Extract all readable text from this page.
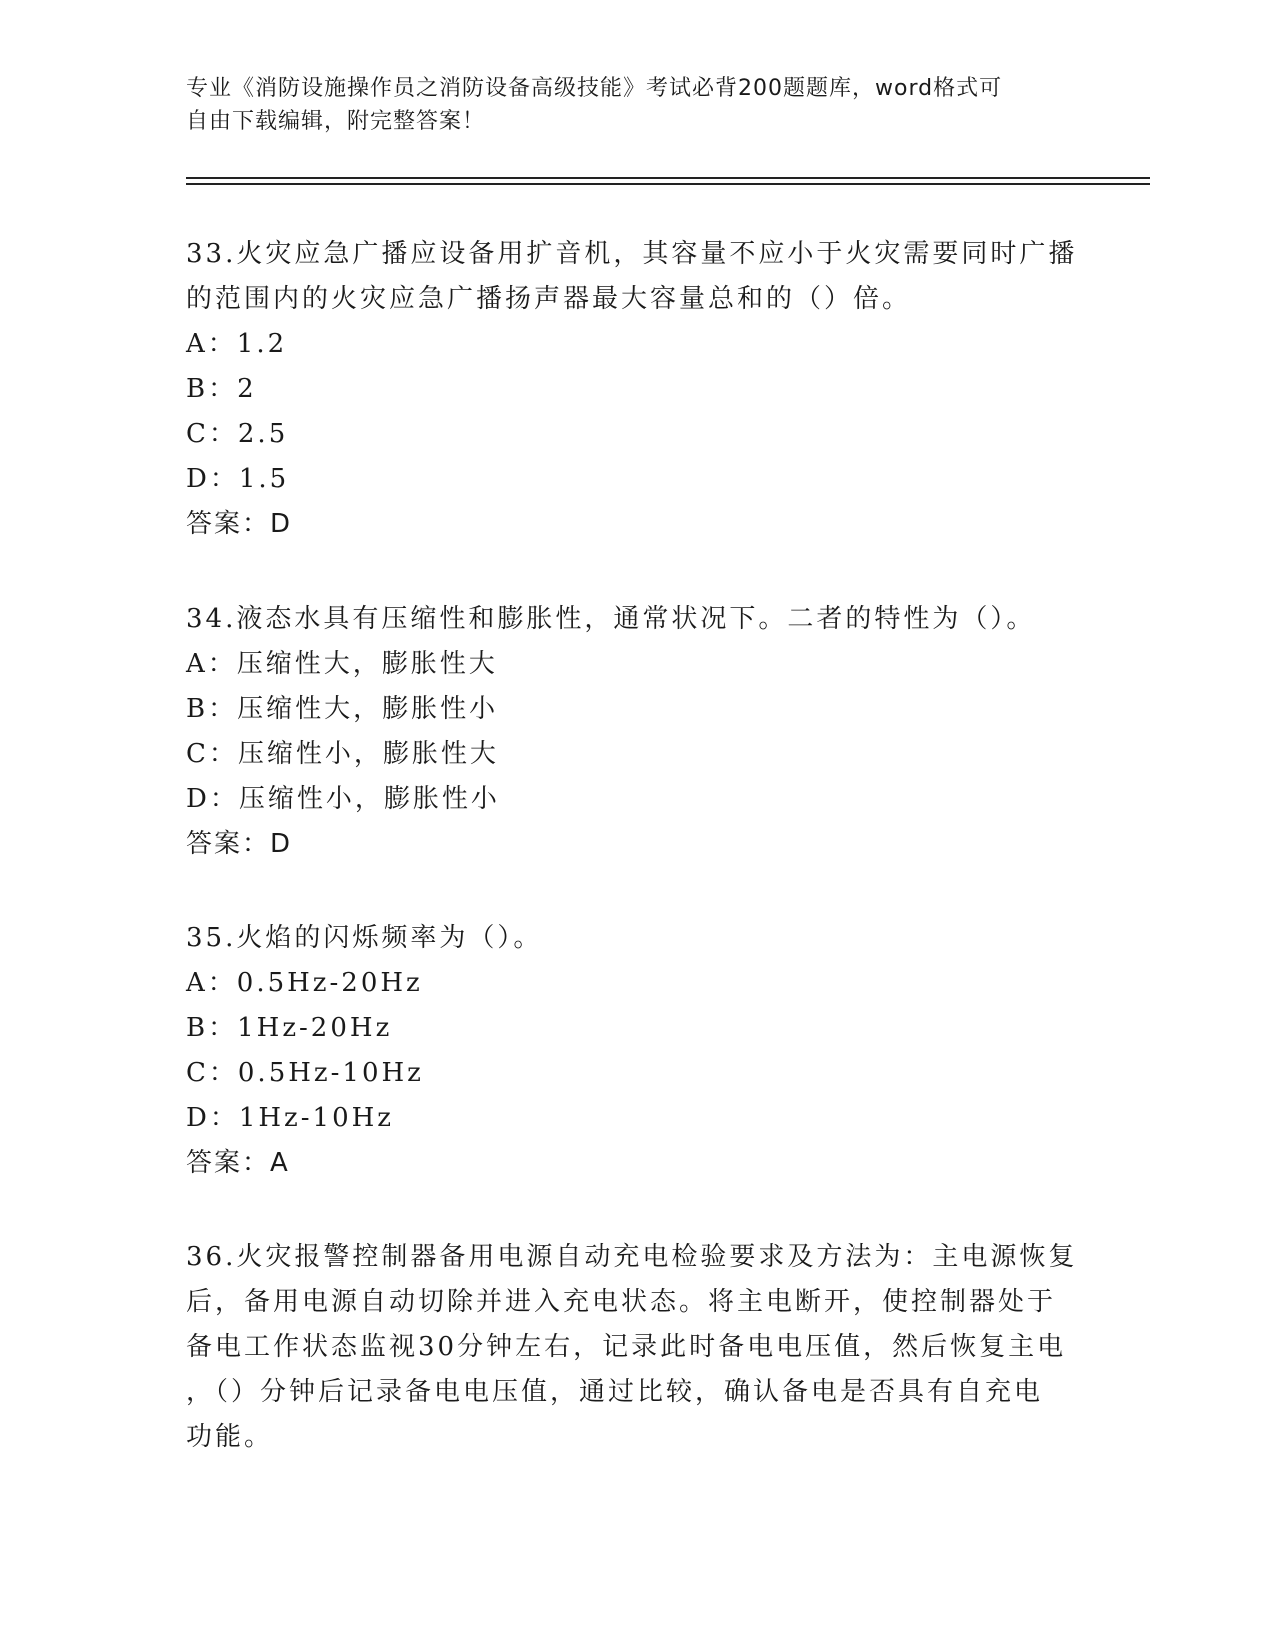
专业《消防设施操作员之消防设备高级技能》考试必背200题题库，word格式可
自由下载编辑，附完整答案！

33.火灾应急广播应设备用扩音机，其容量不应小于火灾需要同时广播

的范围内的火灾应急广播扬声器最大容量总和的（）倍。

A：1.2

B：2

C：2.5

D：1.5

答案：D

34.液态水具有压缩性和膨胀性，通常状况下。二者的特性为（）。

A：压缩性大，膨胀性大

B：压缩性大，膨胀性小

C：压缩性小，膨胀性大

D：压缩性小，膨胀性小

答案：D

35.火焰的闪烁频率为（）。

A：0.5Hz-20Hz

B：1Hz-20Hz

C：0.5Hz-10Hz

D：1Hz-10Hz

答案：A

36.火灾报警控制器备用电源自动充电检验要求及方法为：主电源恢复

后，备用电源自动切除并进入充电状态。将主电断开，使控制器处于

备电工作状态监视30分钟左右，记录此时备电电压值，然后恢复主电

，（）分钟后记录备电电压值，通过比较，确认备电是否具有自充电

功能。
